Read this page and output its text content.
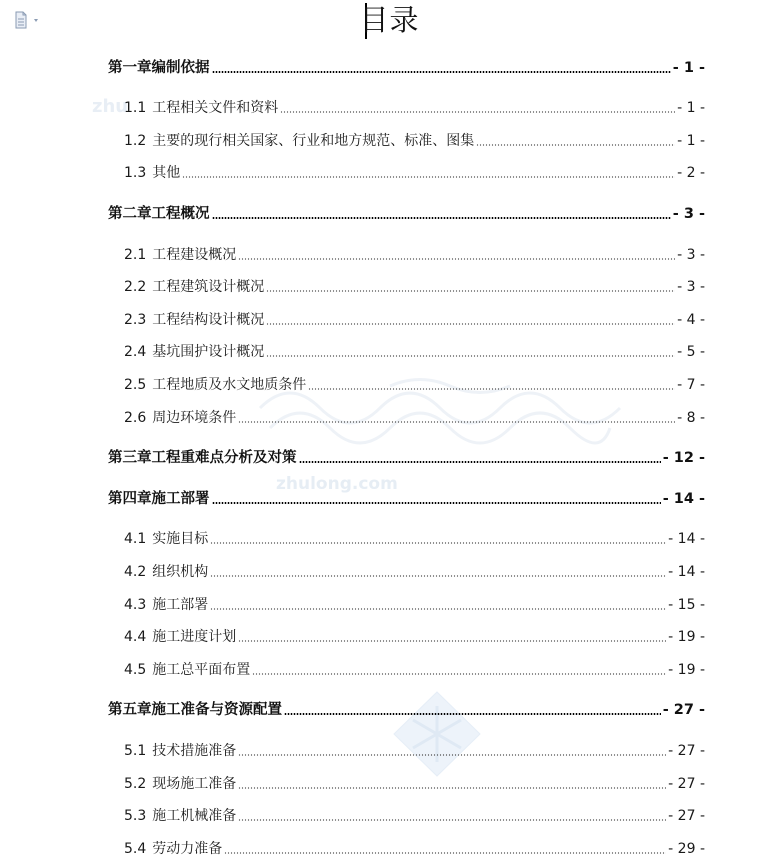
zhu
zhulong.com
目录
第一章编制依据	- 1 -
1.1 工程相关文件和资料	- 1 -
1.2 主要的现行相关国家、行业和地方规范、标准、图集	- 1 -
1.3 其他	- 2 -
第二章工程概况	- 3 -
2.1 工程建设概况	- 3 -
2.2 工程建筑设计概况	- 3 -
2.3 工程结构设计概况	- 4 -
2.4 基坑围护设计概况	- 5 -
2.5 工程地质及水文地质条件	- 7 -
2.6 周边环境条件	- 8 -
第三章工程重难点分析及对策	- 12 -
第四章施工部署	- 14 -
4.1 实施目标	- 14 -
4.2 组织机构	- 14 -
4.3 施工部署	- 15 -
4.4 施工进度计划	- 19 -
4.5 施工总平面布置	- 19 -
第五章施工准备与资源配置	- 27 -
5.1 技术措施准备	- 27 -
5.2 现场施工准备	- 27 -
5.3 施工机械准备	- 27 -
5.4 劳动力准备	- 29 -
